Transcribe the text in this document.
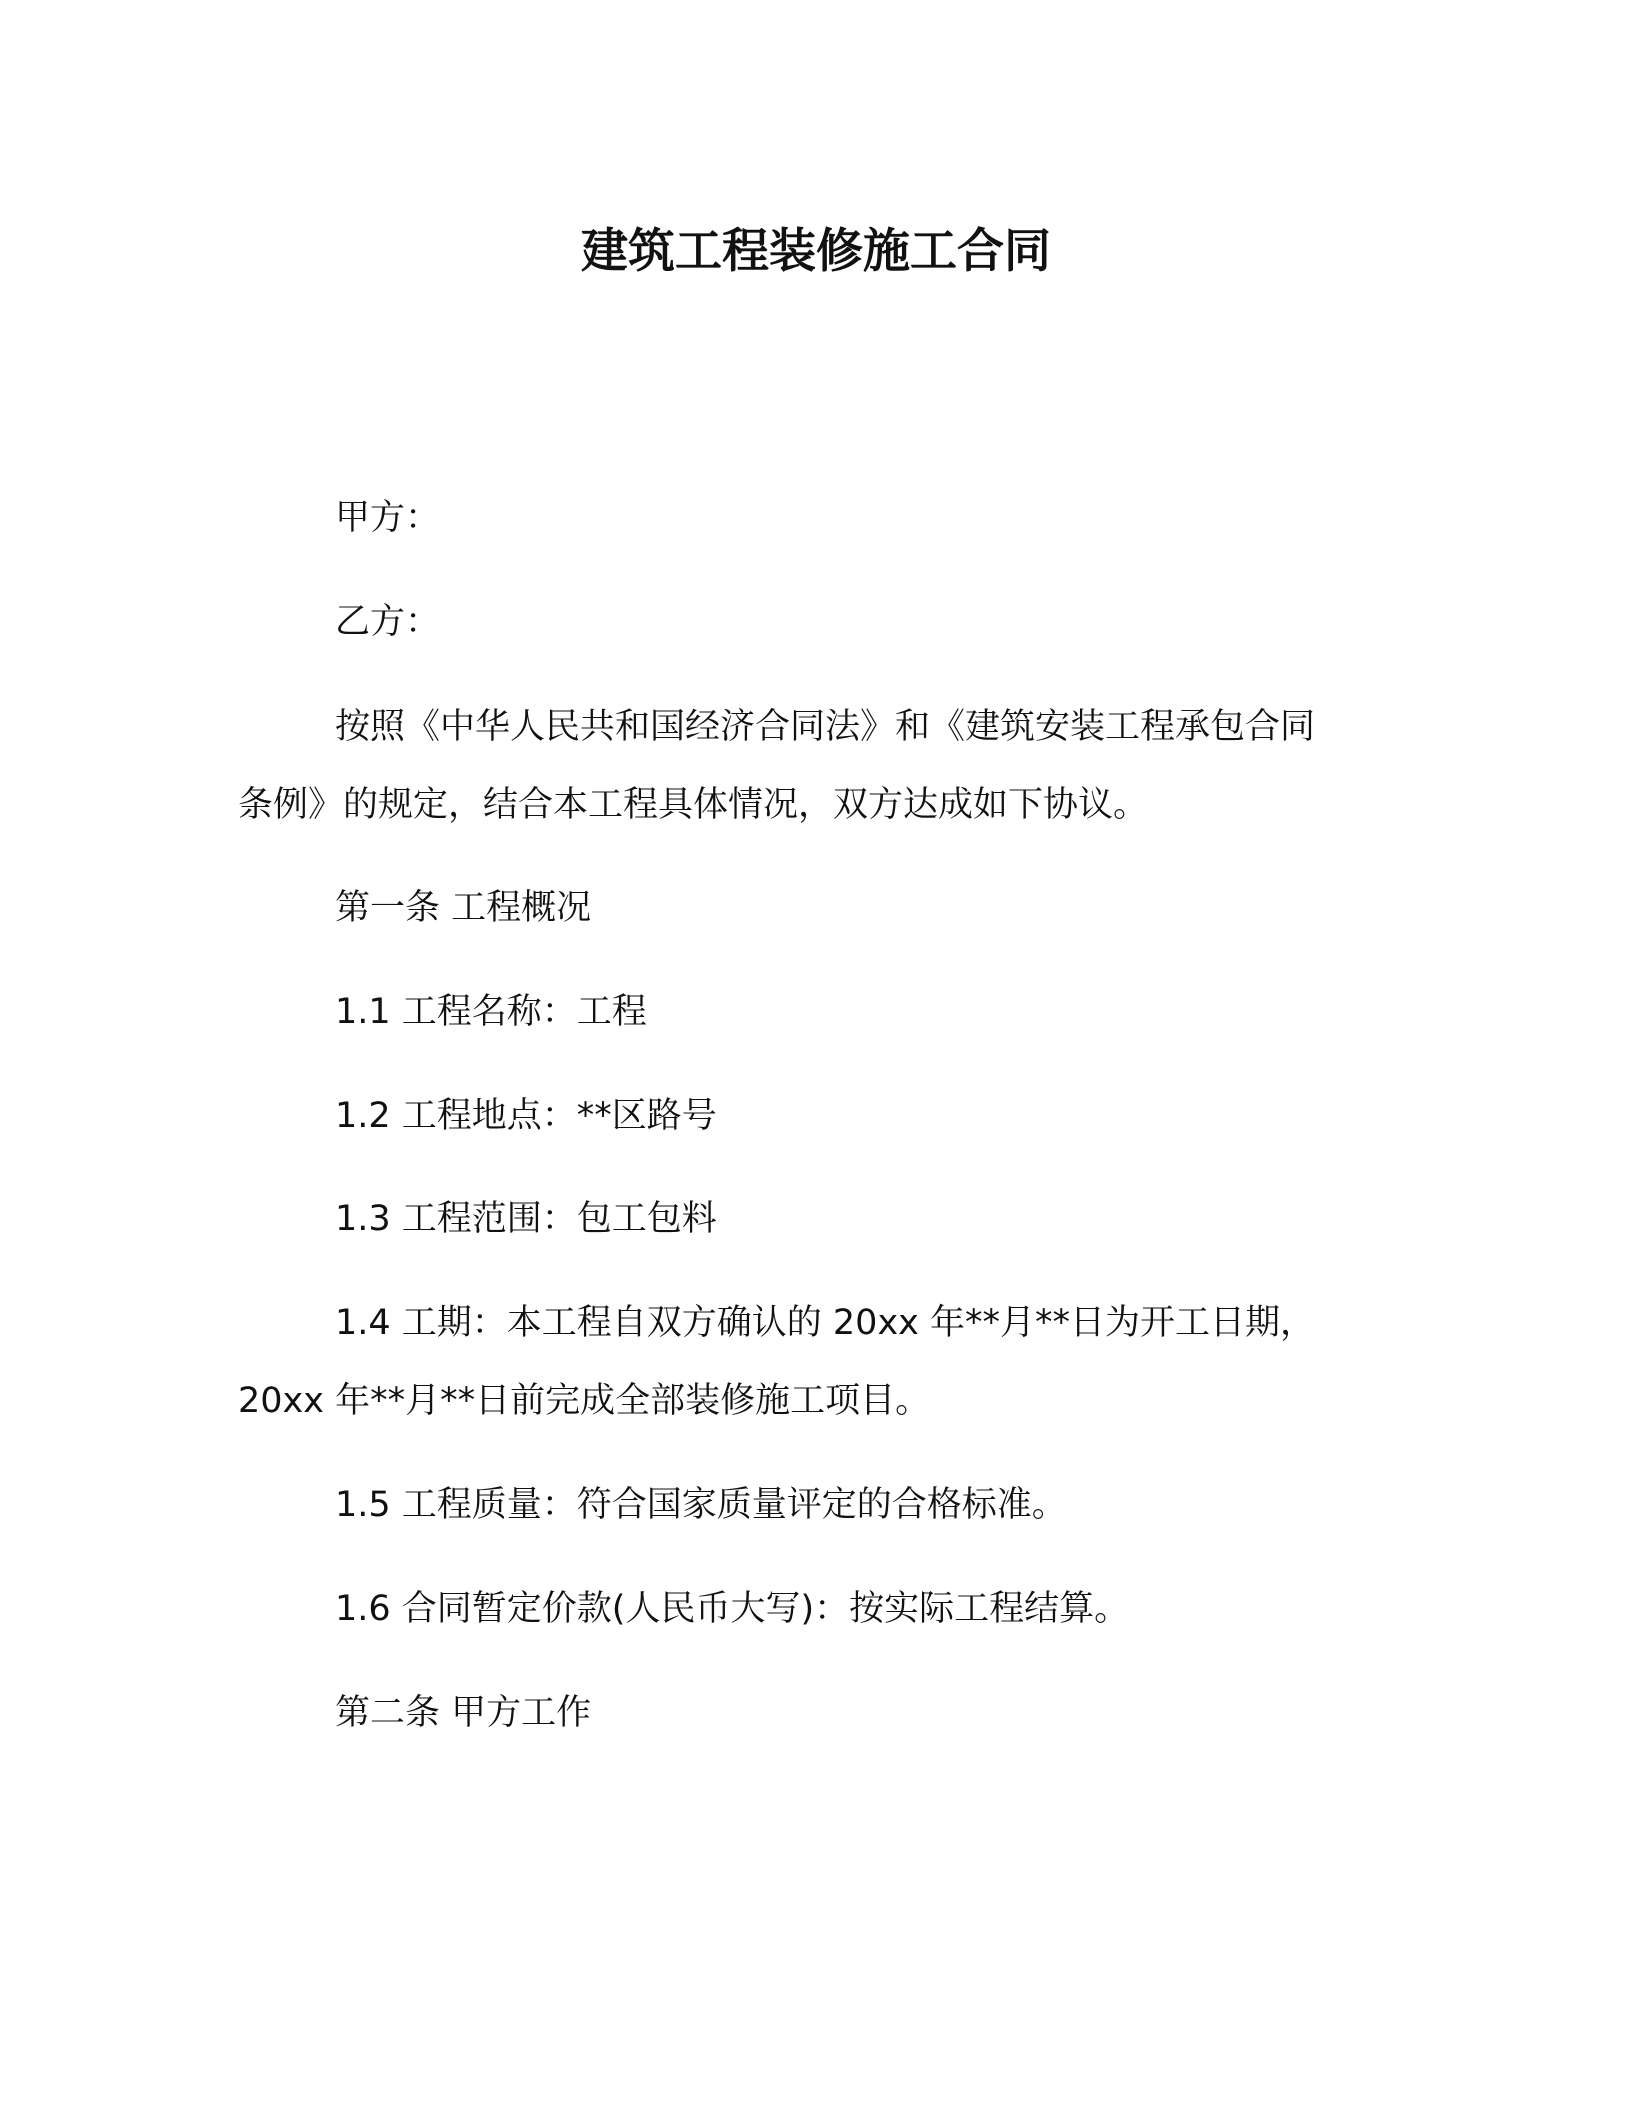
建筑工程装修施工合同
甲方：
乙方：
按照《中华人民共和国经济合同法》和《建筑安装工程承包合同
条例》的规定，结合本工程具体情况，双方达成如下协议。
第一条 工程概况
1.1 工程名称：工程
1.2 工程地点：**区路号
1.3 工程范围：包工包料
1.4 工期：本工程自双方确认的 20xx 年**月**日为开工日期，
20xx 年**月**日前完成全部装修施工项目。
1.5 工程质量：符合国家质量评定的合格标准。
1.6 合同暂定价款(人民币大写)：按实际工程结算。
第二条 甲方工作
